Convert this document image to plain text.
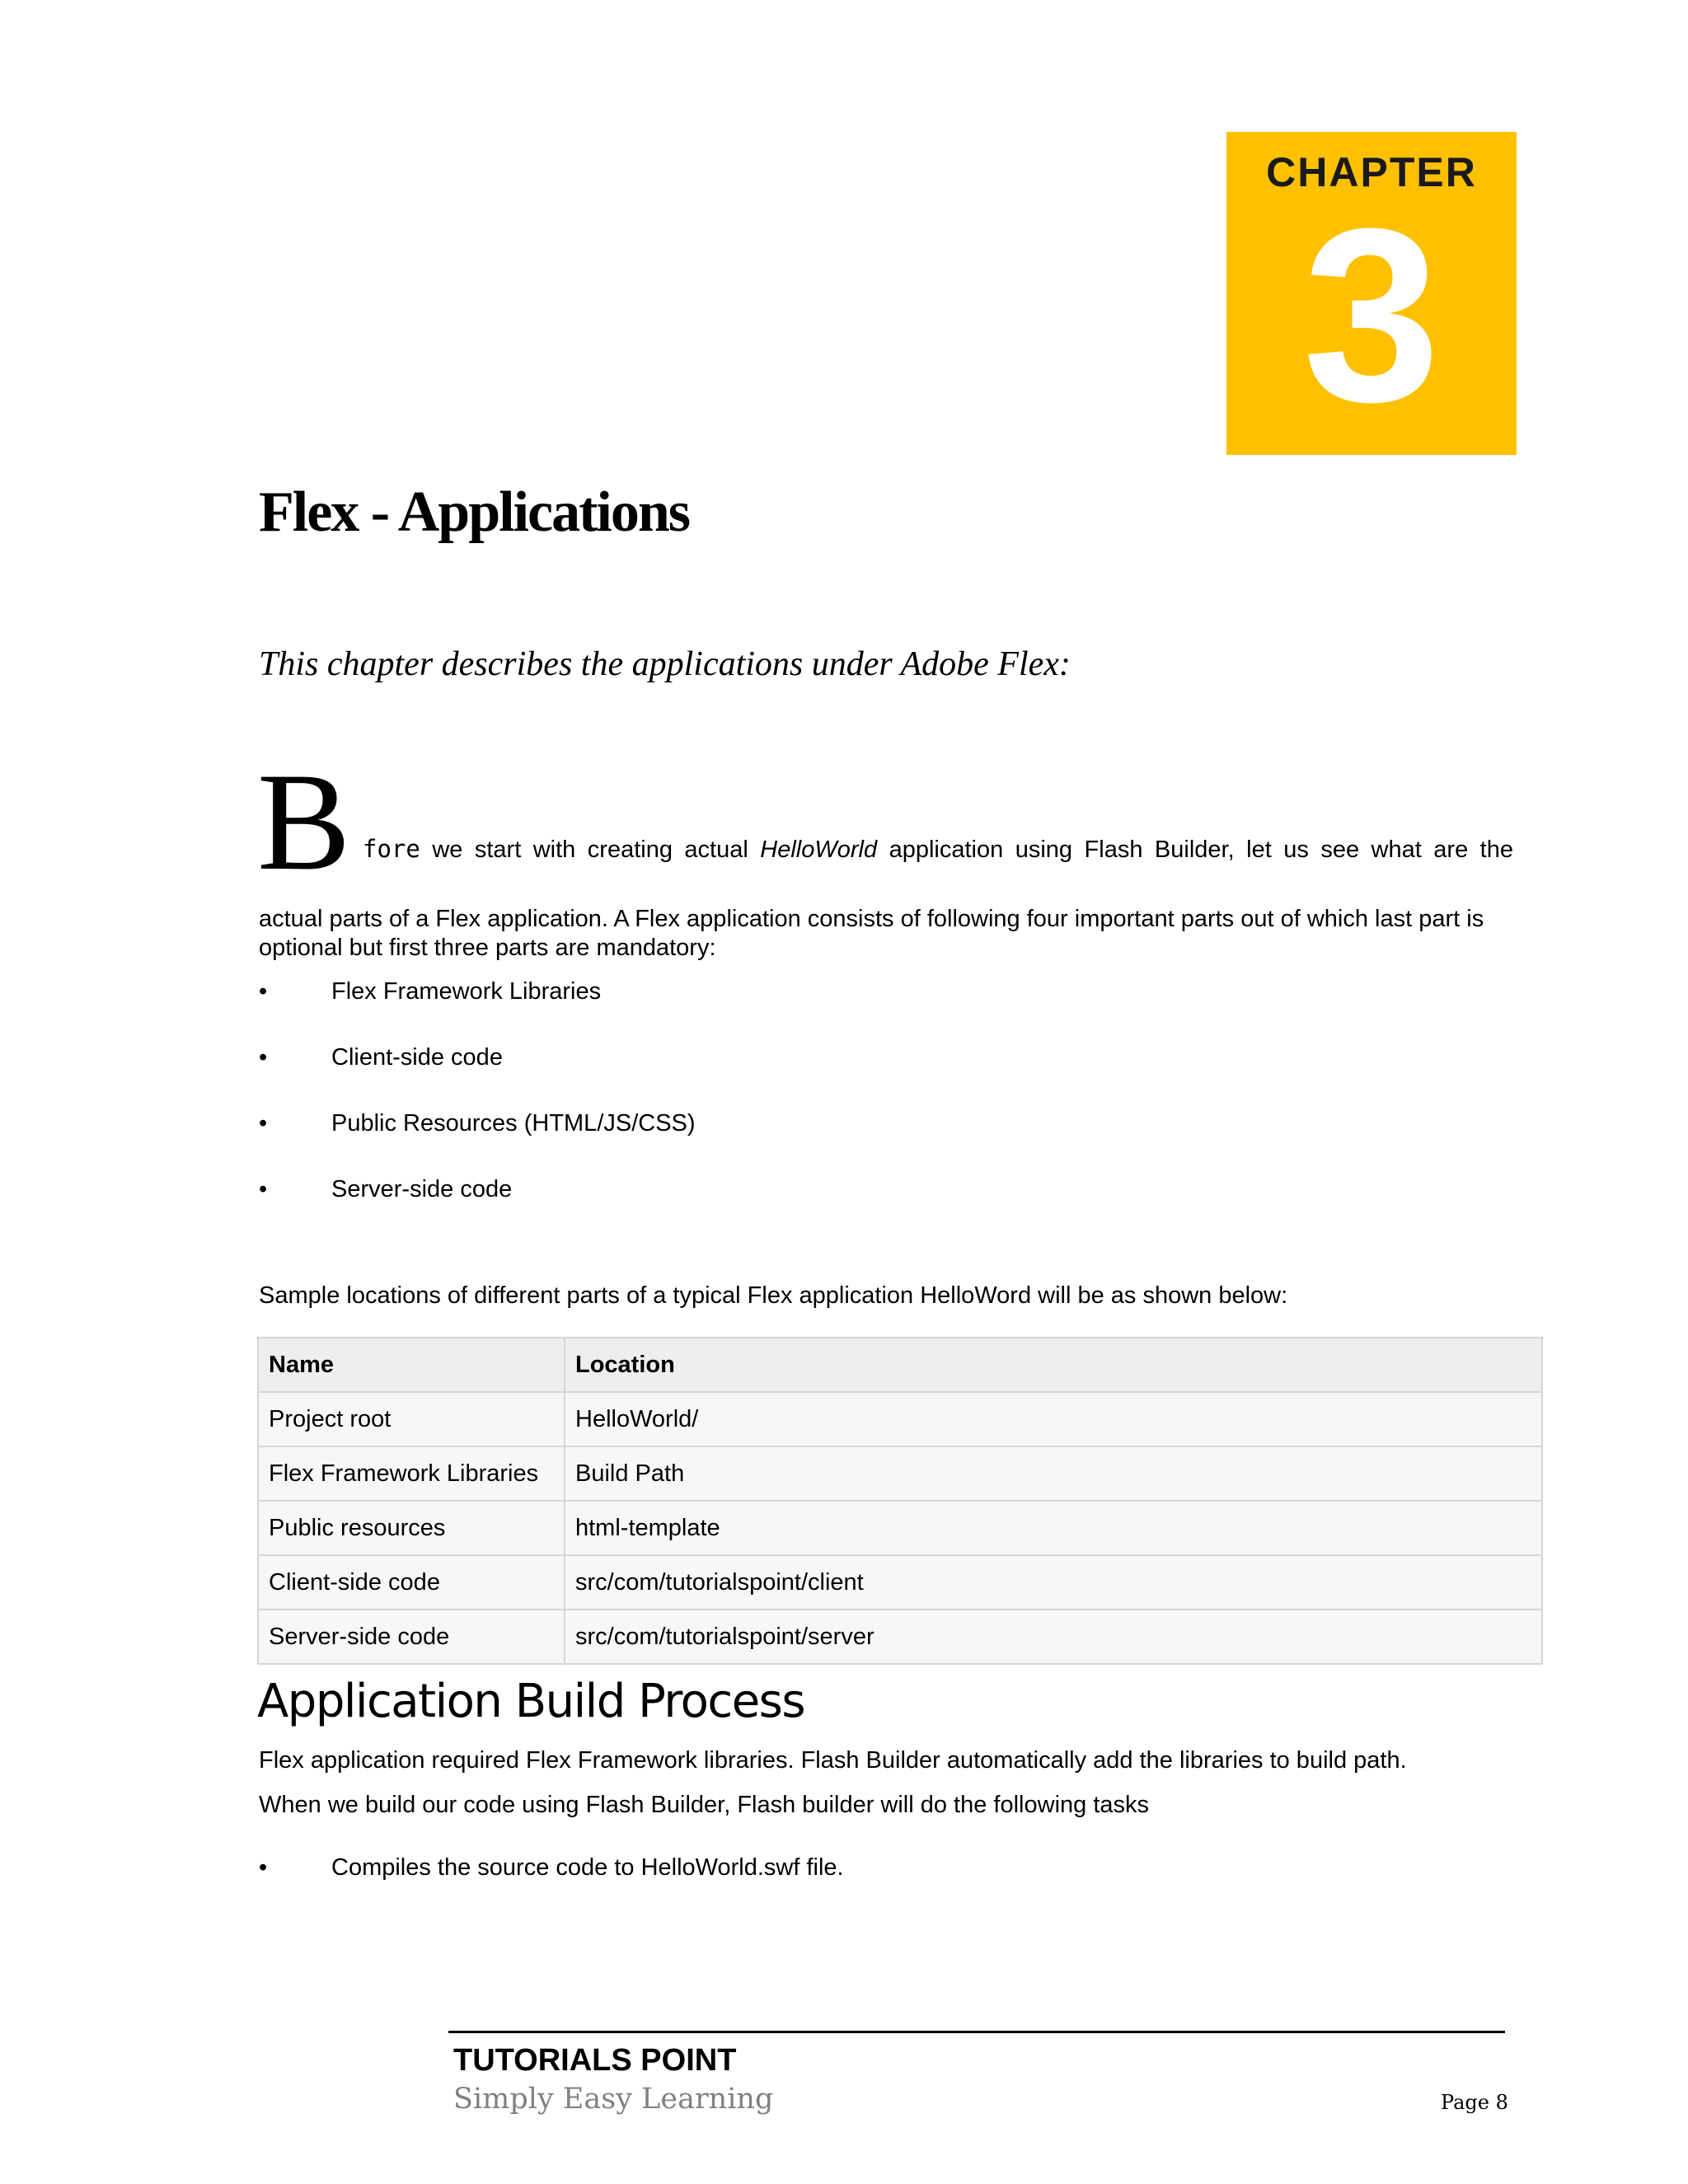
CHAPTER
3
Flex - Applications

This chapter describes the applications under Adobe Flex:

B fore we start with creating actual HelloWorld application using Flash Builder, let us see what are the
actual parts of a Flex application. A Flex application consists of following four important parts out of which last part is optional but first three parts are mandatory:
•	Flex Framework Libraries
•	Client-side code
•	Public Resources (HTML/JS/CSS)
•	Server-side code
Sample locations of different parts of a typical Flex application HelloWord will be as shown below:
Name	Location
Project root	HelloWorld/
Flex Framework Libraries	Build Path
Public resources	html-template
Client-side code	src/com/tutorialspoint/client
Server-side code	src/com/tutorialspoint/server
Application Build Process

Flex application required Flex Framework libraries. Flash Builder automatically add the libraries to build path.

When we build our code using Flash Builder, Flash builder will do the following tasks

•	Compiles the source code to HelloWorld.swf file.
TUTORIALS POINT
Simply Easy Learning	Page 8
